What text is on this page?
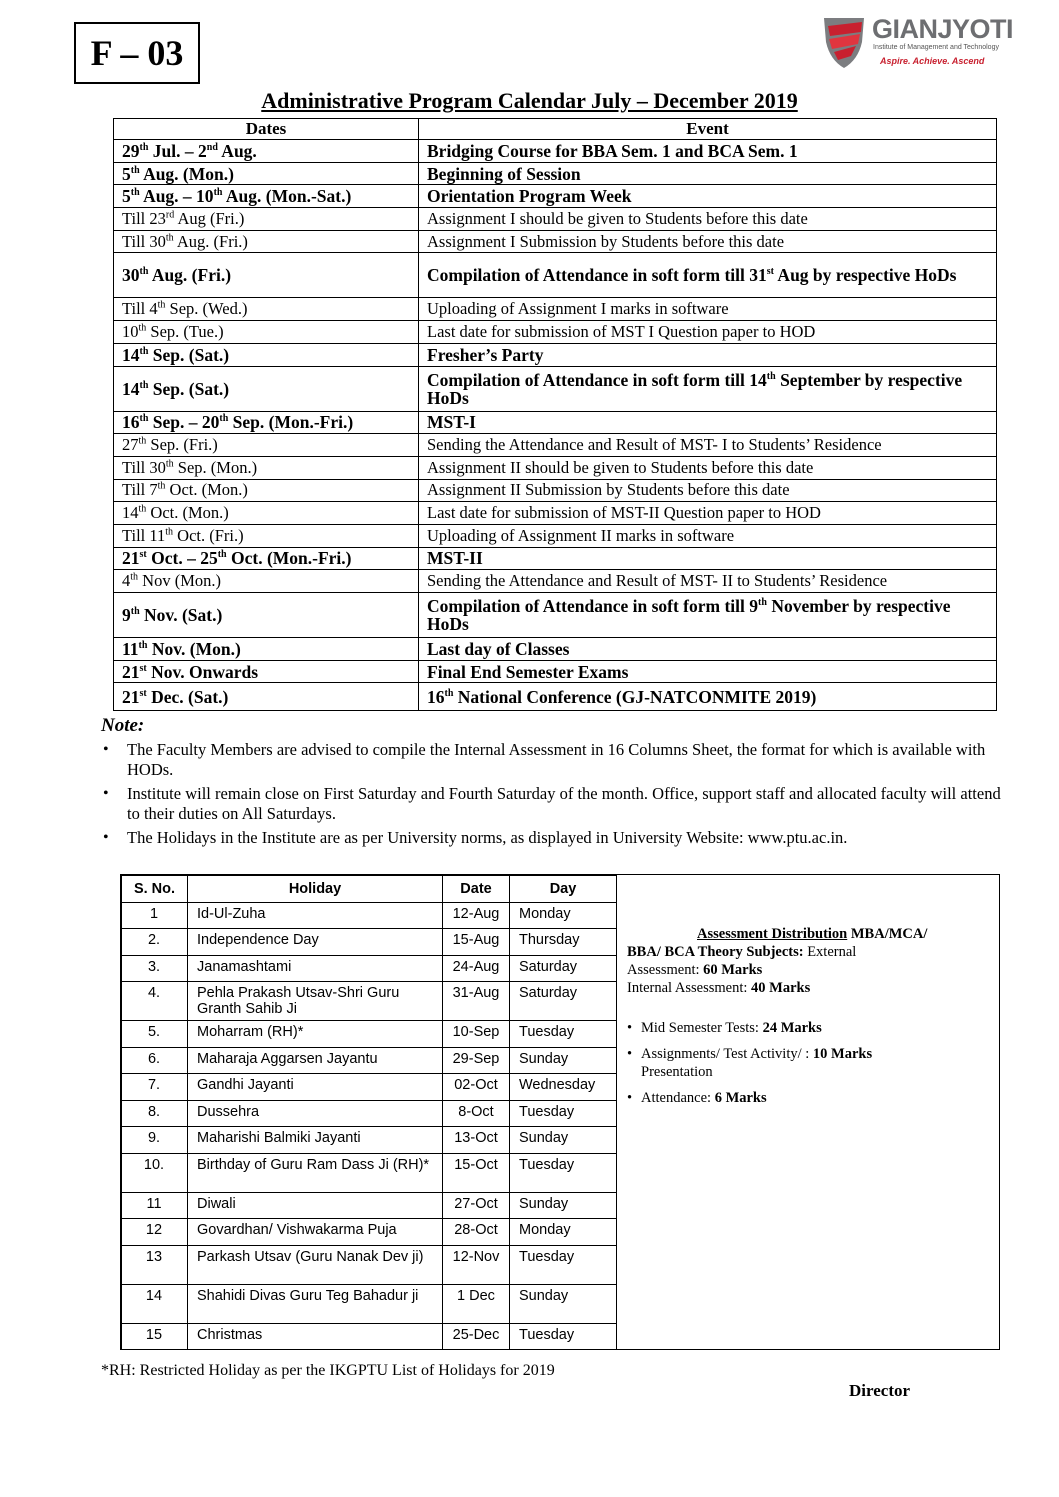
F – 03
GIANJYOTI
Institute of Management and Technology
Aspire. Achieve. Ascend
Administrative Program Calendar July – December 2019
Dates	Event
29th Jul. – 2nd Aug.	Bridging Course for BBA Sem. 1 and BCA Sem. 1
5th Aug. (Mon.)	Beginning of Session
5th Aug. – 10th Aug. (Mon.-Sat.)	Orientation Program Week
Till 23rd Aug (Fri.)	Assignment I should be given to Students before this date
Till 30th Aug. (Fri.)	Assignment I Submission by Students before this date
30th Aug. (Fri.)	Compilation of Attendance in soft form till 31st Aug by respective HoDs
Till 4th Sep. (Wed.)	Uploading of Assignment I marks in software
10th Sep. (Tue.)	Last date for submission of MST I Question paper to HOD
14th Sep. (Sat.)	Fresher’s Party
14th Sep. (Sat.)	Compilation of Attendance in soft form till 14th September by respective HoDs
16th Sep. – 20th Sep. (Mon.-Fri.)	MST-I
27th Sep. (Fri.)	Sending the Attendance and Result of MST- I to Students’ Residence
Till 30th Sep. (Mon.)	Assignment II should be given to Students before this date
Till 7th Oct. (Mon.)	Assignment II Submission by Students before this date
14th Oct. (Mon.)	Last date for submission of MST-II Question paper to HOD
Till 11th Oct. (Fri.)	Uploading of Assignment II marks in software
21st Oct. – 25th Oct. (Mon.-Fri.)	MST-II
4th Nov (Mon.)	Sending the Attendance and Result of MST- II to Students’ Residence
9th Nov. (Sat.)	Compilation of Attendance in soft form till 9th November by respective HoDs
11th Nov. (Mon.)	Last day of Classes
21st Nov. Onwards	Final End Semester Exams
21st Dec. (Sat.)	16th National Conference (GJ-NATCONMITE 2019)
Note:
• The Faculty Members are advised to compile the Internal Assessment in 16 Columns Sheet, the format for which is available with HODs.
• Institute will remain close on First Saturday and Fourth Saturday of the month. Office, support staff and allocated faculty will attend to their duties on All Saturdays.
• The Holidays in the Institute are as per University norms, as displayed in University Website: www.ptu.ac.in.
S. No.	Holiday	Date	Day
1	Id-Ul-Zuha	12-Aug	Monday
2.	Independence Day	15-Aug	Thursday
3.	Janamashtami	24-Aug	Saturday
4.	Pehla Prakash Utsav-Shri Guru Granth Sahib Ji	31-Aug	Saturday
5.	Moharram (RH)*	10-Sep	Tuesday
6.	Maharaja Aggarsen Jayantu	29-Sep	Sunday
7.	Gandhi Jayanti	02-Oct	Wednesday
8.	Dussehra	8-Oct	Tuesday
9.	Maharishi Balmiki Jayanti	13-Oct	Sunday
10.	Birthday of Guru Ram Dass Ji (RH)*	15-Oct	Tuesday
11	Diwali	27-Oct	Sunday
12	Govardhan/ Vishwakarma Puja	28-Oct	Monday
13	Parkash Utsav (Guru Nanak Dev ji)	12-Nov	Tuesday
14	Shahidi Divas Guru Teg Bahadur ji	1 Dec	Sunday
15	Christmas	25-Dec	Tuesday
Assessment Distribution MBA/MCA/
BBA/ BCA Theory Subjects: External
Assessment: 60 Marks
Internal Assessment: 40 Marks
• Mid Semester Tests: 24 Marks
• Assignments/ Test Activity/ : 10 Marks
Presentation
• Attendance: 6 Marks
*RH: Restricted Holiday as per the IKGPTU List of Holidays for 2019
Director
